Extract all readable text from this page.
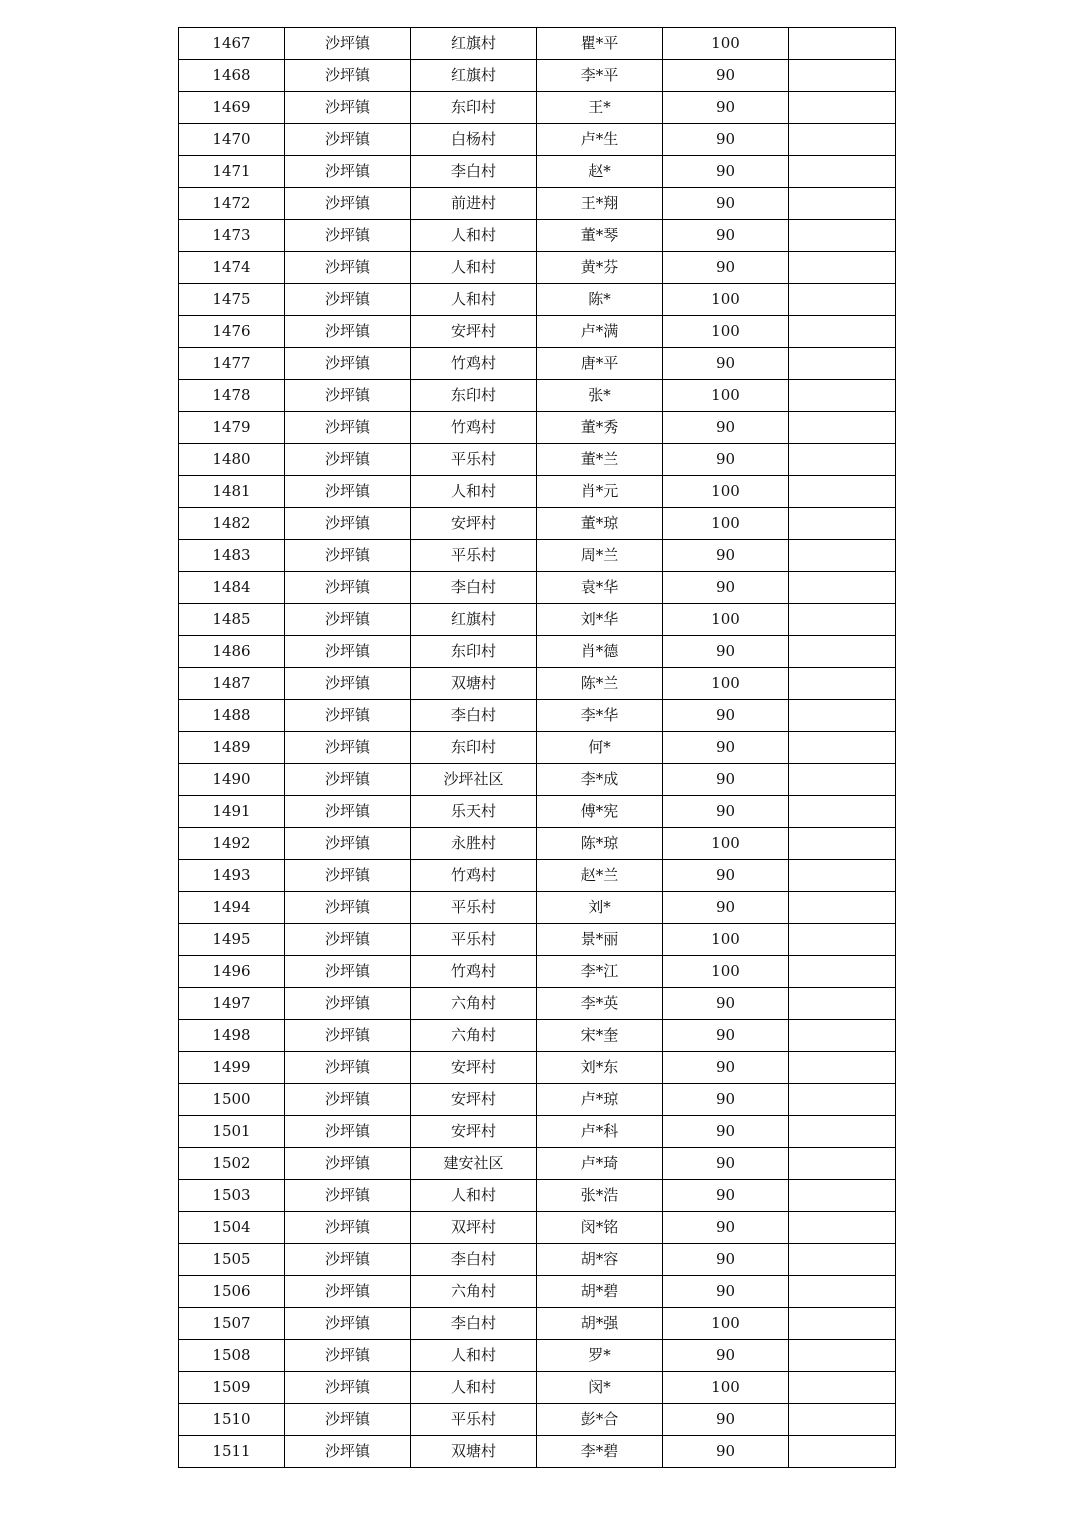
1467	沙坪镇	红旗村	瞿*平	100	
1468	沙坪镇	红旗村	李*平	90	
1469	沙坪镇	东印村	王*	90	
1470	沙坪镇	白杨村	卢*生	90	
1471	沙坪镇	李白村	赵*	90	
1472	沙坪镇	前进村	王*翔	90	
1473	沙坪镇	人和村	董*琴	90	
1474	沙坪镇	人和村	黄*芬	90	
1475	沙坪镇	人和村	陈*	100	
1476	沙坪镇	安坪村	卢*满	100	
1477	沙坪镇	竹鸡村	唐*平	90	
1478	沙坪镇	东印村	张*	100	
1479	沙坪镇	竹鸡村	董*秀	90	
1480	沙坪镇	平乐村	董*兰	90	
1481	沙坪镇	人和村	肖*元	100	
1482	沙坪镇	安坪村	董*琼	100	
1483	沙坪镇	平乐村	周*兰	90	
1484	沙坪镇	李白村	袁*华	90	
1485	沙坪镇	红旗村	刘*华	100	
1486	沙坪镇	东印村	肖*德	90	
1487	沙坪镇	双塘村	陈*兰	100	
1488	沙坪镇	李白村	李*华	90	
1489	沙坪镇	东印村	何*	90	
1490	沙坪镇	沙坪社区	李*成	90	
1491	沙坪镇	乐天村	傅*宪	90	
1492	沙坪镇	永胜村	陈*琼	100	
1493	沙坪镇	竹鸡村	赵*兰	90	
1494	沙坪镇	平乐村	刘*	90	
1495	沙坪镇	平乐村	景*丽	100	
1496	沙坪镇	竹鸡村	李*江	100	
1497	沙坪镇	六角村	李*英	90	
1498	沙坪镇	六角村	宋*奎	90	
1499	沙坪镇	安坪村	刘*东	90	
1500	沙坪镇	安坪村	卢*琼	90	
1501	沙坪镇	安坪村	卢*科	90	
1502	沙坪镇	建安社区	卢*琦	90	
1503	沙坪镇	人和村	张*浩	90	
1504	沙坪镇	双坪村	闵*铭	90	
1505	沙坪镇	李白村	胡*容	90	
1506	沙坪镇	六角村	胡*碧	90	
1507	沙坪镇	李白村	胡*强	100	
1508	沙坪镇	人和村	罗*	90	
1509	沙坪镇	人和村	闵*	100	
1510	沙坪镇	平乐村	彭*合	90	
1511	沙坪镇	双塘村	李*碧	90	
